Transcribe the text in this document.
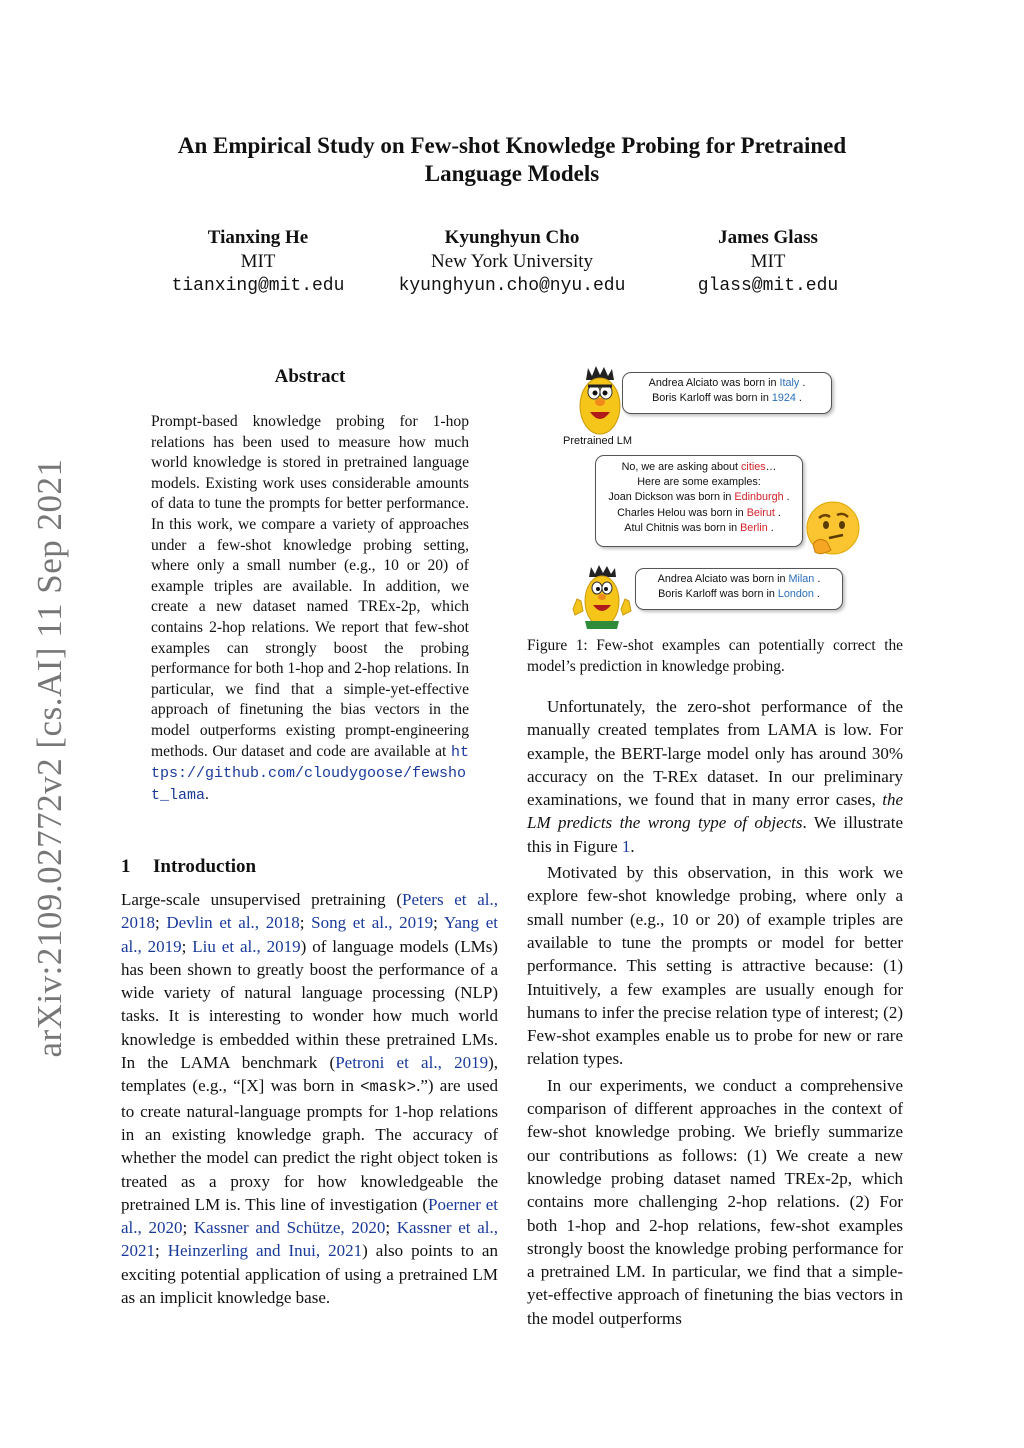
An Empirical Study on Few-shot Knowledge Probing for Pretrained Language Models
Tianxing He
MIT
tianxing@mit.edu
Kyunghyun Cho
New York University
kyunghyun.cho@nyu.edu
James Glass
MIT
glass@mit.edu
arXiv:2109.02772v2 [cs.AI] 11 Sep 2021
Abstract

Prompt-based knowledge probing for 1-hop relations has been used to measure how much world knowledge is stored in pretrained language models. Existing work uses considerable amounts of data to tune the prompts for better performance. In this work, we compare a variety of approaches under a few-shot knowledge probing setting, where only a small number (e.g., 10 or 20) of example triples are available. In addition, we create a new dataset named TREx-2p, which contains 2-hop relations. We report that few-shot examples can strongly boost the probing performance for both 1-hop and 2-hop relations. In particular, we find that a simple-yet-effective approach of finetuning the bias vectors in the model outperforms existing prompt-engineering methods. Our dataset and code are available at https://github.com/cloudygoose/fewshot_lama.

1 Introduction

Large-scale unsupervised pretraining (Peters et al., 2018; Devlin et al., 2018; Song et al., 2019; Yang et al., 2019; Liu et al., 2019) of language models (LMs) has been shown to greatly boost the performance of a wide variety of natural language processing (NLP) tasks. It is interesting to wonder how much world knowledge is embedded within these pretrained LMs. In the LAMA benchmark (Petroni et al., 2019), templates (e.g., “[X] was born in <mask>.”) are used to create natural-language prompts for 1-hop relations in an existing knowledge graph. The accuracy of whether the model can predict the right object token is treated as a proxy for how knowledgeable the pretrained LM is. This line of investigation (Poerner et al., 2020; Kassner and Schütze, 2020; Kassner et al., 2021; Heinzerling and Inui, 2021) also points to an exciting potential application of using a pretrained LM as an implicit knowledge base.

Pretrained LM
Andrea Alciato was born in Italy .
Boris Karloff was born in 1924 .
No, we are asking about cities…
Here are some examples:
Joan Dickson was born in Edinburgh .
Charles Helou was born in Beirut .
Atul Chitnis was born in Berlin .
Andrea Alciato was born in Milan .
Boris Karloff was born in London .

Figure 1: Few-shot examples can potentially correct the model’s prediction in knowledge probing.

Unfortunately, the zero-shot performance of the manually created templates from LAMA is low. For example, the BERT-large model only has around 30% accuracy on the T-REx dataset. In our preliminary examinations, we found that in many error cases, the LM predicts the wrong type of objects. We illustrate this in Figure 1.

Motivated by this observation, in this work we explore few-shot knowledge probing, where only a small number (e.g., 10 or 20) of example triples are available to tune the prompts or model for better performance. This setting is attractive because: (1) Intuitively, a few examples are usually enough for humans to infer the precise relation type of interest; (2) Few-shot examples enable us to probe for new or rare relation types.

In our experiments, we conduct a comprehensive comparison of different approaches in the context of few-shot knowledge probing. We briefly summarize our contributions as follows: (1) We create a new knowledge probing dataset named TREx-2p, which contains more challenging 2-hop relations. (2) For both 1-hop and 2-hop relations, few-shot examples strongly boost the knowledge probing performance for a pretrained LM. In particular, we find that a simple-yet-effective approach of finetuning the bias vectors in the model outperforms
